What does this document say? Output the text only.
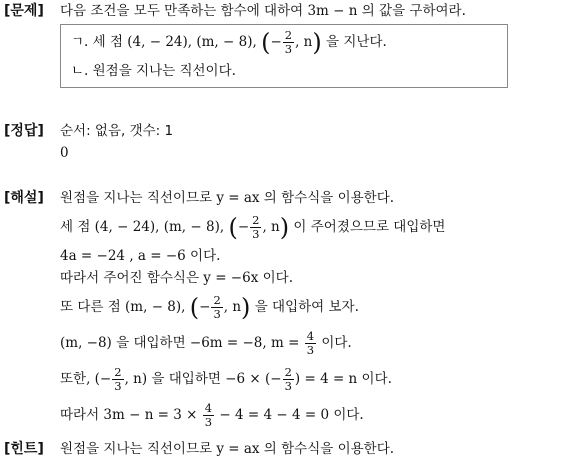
[문제] 다음 조건을 모두 만족하는 함수에 대하여 3m − n 의 값을 구하여라.
ㄱ. 세 점 (4, − 24), (m, − 8), (− $\frac{2}{3}$ , n) 을 지난다.
ㄴ. 원점을 지나는 직선이다.
[정답] 순서: 없음, 갯수: 1
0
[해설] 원점을 지나는 직선이므로 y = ax 의 함수식을 이용한다.
세 점 (4, − 24), (m, − 8), (− $\frac{2}{3}$ , n) 이 주어졌으므로 대입하면
4a = −24 , a = −6 이다.
따라서 주어진 함수식은 y = −6x 이다.
또 다른 점 (m, − 8), (− $\frac{2}{3}$ , n) 을 대입하여 보자.
(m, −8) 을 대입하면 −6m = −8, $m = \frac{4}{3}$ 이다.
또한, (− $\frac{2}{3}$ , n) 을 대입하면 −6 × (− $\frac{2}{3}$ ) = 4 = n 이다.
따라서 $3m - n = 3 \times \frac{4}{3} - 4 = 4 - 4 = 0$ 이다.
[힌트] 원점을 지나는 직선이므로 y = ax 의 함수식을 이용한다.
